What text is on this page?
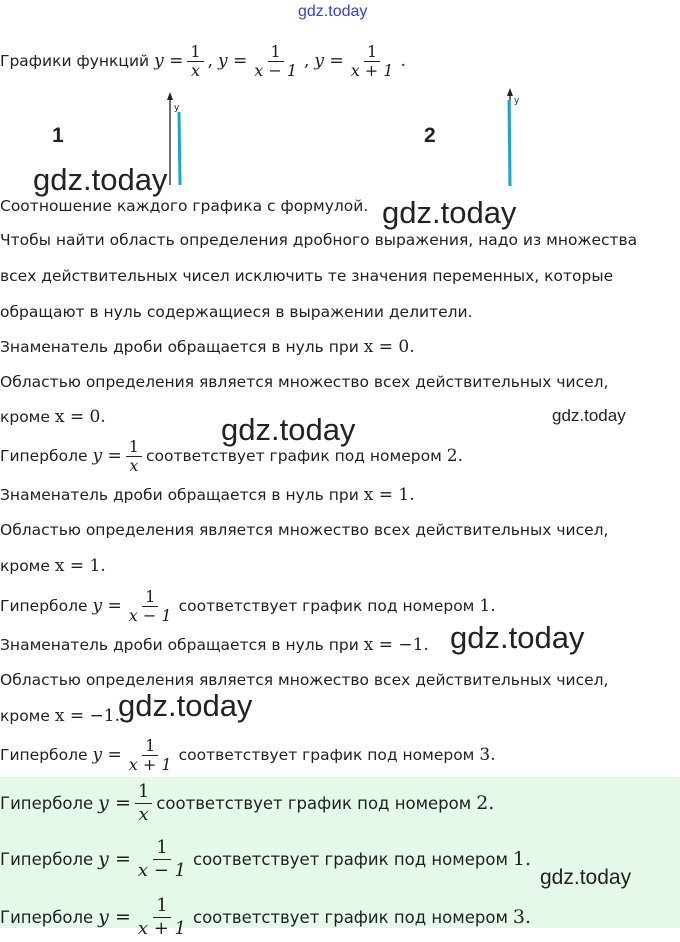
gdz.today
Графики функций $y = \frac{1}{x}$ , $y = \frac{1}{x - 1}$ , $y = \frac{1}{x + 1}$ .
1
y
2
y
gdz.today
Соотношение каждого графика с формулой. gdz.today
Чтобы найти область определения дробного выражения, надо из множества
всех действительных чисел исключить те значения переменных, которые
обращают в нуль содержащиеся в выражении делители.
Знаменатель дроби обращается в нуль при x = 0.
Областью определения является множество всех действительных чисел,
кроме x = 0.	gdz.today
gdz.today
Гиперболе $y = \frac{1}{x}$ соответствует график под номером 2.
Знаменатель дроби обращается в нуль при x = 1.
Областью определения является множество всех действительных чисел,
кроме x = 1.
Гиперболе $y = \frac{1}{x - 1}$ соответствует график под номером 1.
Знаменатель дроби обращается в нуль при x = −1. gdz.today
Областью определения является множество всех действительных чисел,
кроме x = −1.
gdz.today
Гиперболе $y = \frac{1}{x + 1}$ соответствует график под номером 3.
Гиперболе $y = \frac{1}{x}$ соответствует график под номером 2.
Гиперболе $y = \frac{1}{x - 1}$ соответствует график под номером 1.
gdz.today
Гиперболе $y = \frac{1}{x + 1}$ соответствует график под номером 3.
